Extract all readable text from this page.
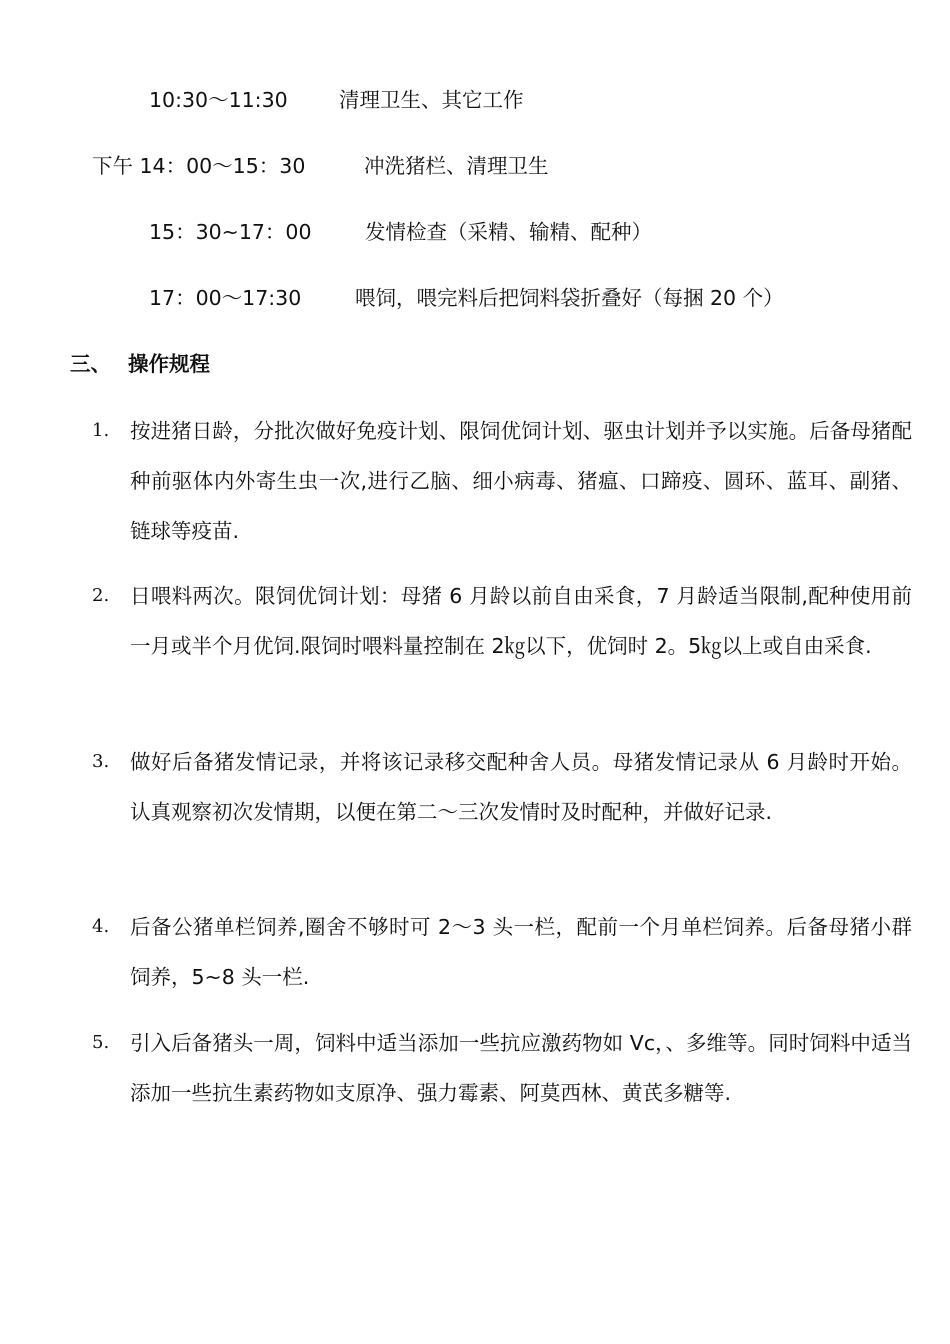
10:30～11:30	清理卫生、其它工作
下午 14：00～15：30	冲洗猪栏、清理卫生
15：30~17：00	发情检查（采精、输精、配种）
17：00～17:30	喂饲，喂完料后把饲料袋折叠好（每捆 20 个）
三、 操作规程
1. 按进猪日龄，分批次做好免疫计划、限饲优饲计划、驱虫计划并予以实施。后备母猪配种前驱体内外寄生虫一次,进行乙脑、细小病毒、猪瘟、口蹄疫、圆环、蓝耳、副猪、链球等疫苗.
2. 日喂料两次。限饲优饲计划：母猪 6 月龄以前自由采食，7 月龄适当限制,配种使用前一月或半个月优饲.限饲时喂料量控制在 2㎏以下，优饲时 2。5㎏以上或自由采食.
3. 做好后备猪发情记录，并将该记录移交配种舍人员。母猪发情记录从 6 月龄时开始。认真观察初次发情期，以便在第二～三次发情时及时配种，并做好记录.
4. 后备公猪单栏饲养,圈舍不够时可 2～3 头一栏，配前一个月单栏饲养。后备母猪小群饲养，5~8 头一栏.
5. 引入后备猪头一周，饲料中适当添加一些抗应激药物如 Vc，、多维等。同时饲料中适当添加一些抗生素药物如支原净、强力霉素、阿莫西林、黄芪多糖等.
